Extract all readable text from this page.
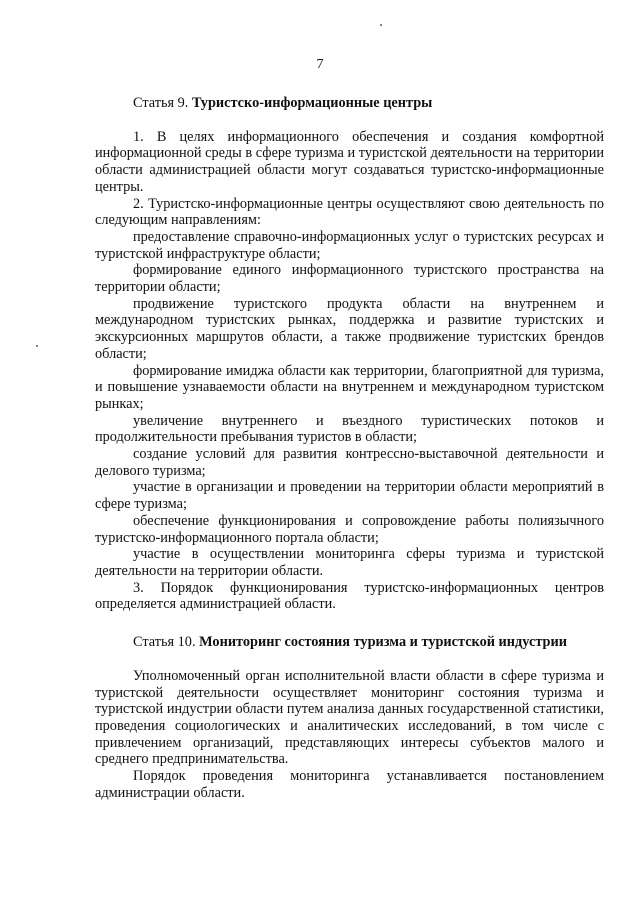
7
Статья 9. Туристско-информационные центры

1. В целях информационного обеспечения и создания комфортной информационной среды в сфере туризма и туристской деятельности на территории области администрацией области могут создаваться туристско-информационные центры.

2. Туристско-информационные центры осуществляют свою деятельность по следующим направлениям:

предоставление справочно-информационных услуг о туристских ресурсах и туристской инфраструктуре области;

формирование единого информационного туристского пространства на территории области;

продвижение туристского продукта области на внутреннем и международном туристских рынках, поддержка и развитие туристских и экскурсионных маршрутов области, а также продвижение туристских брендов области;

формирование имиджа области как территории, благоприятной для туризма, и повышение узнаваемости области на внутреннем и международном туристском рынках;

увеличение внутреннего и въездного туристических потоков и продолжительности пребывания туристов в области;

создание условий для развития контрессно-выставочной деятельности и делового туризма;

участие в организации и проведении на территории области мероприятий в сфере туризма;

обеспечение функционирования и сопровождение работы полиязычного туристско-информационного портала области;

участие в осуществлении мониторинга сферы туризма и туристской деятельности на территории области.

3. Порядок функционирования туристско-информационных центров определяется администрацией области.

Статья 10. Мониторинг состояния туризма и туристской индустрии

Уполномоченный орган исполнительной власти области в сфере туризма и туристской деятельности осуществляет мониторинг состояния туризма и туристской индустрии области путем анализа данных государственной статистики, проведения социологических и аналитических исследований, в том числе с привлечением организаций, представляющих интересы субъектов малого и среднего предпринимательства.

Порядок проведения мониторинга устанавливается постановлением администрации области.
